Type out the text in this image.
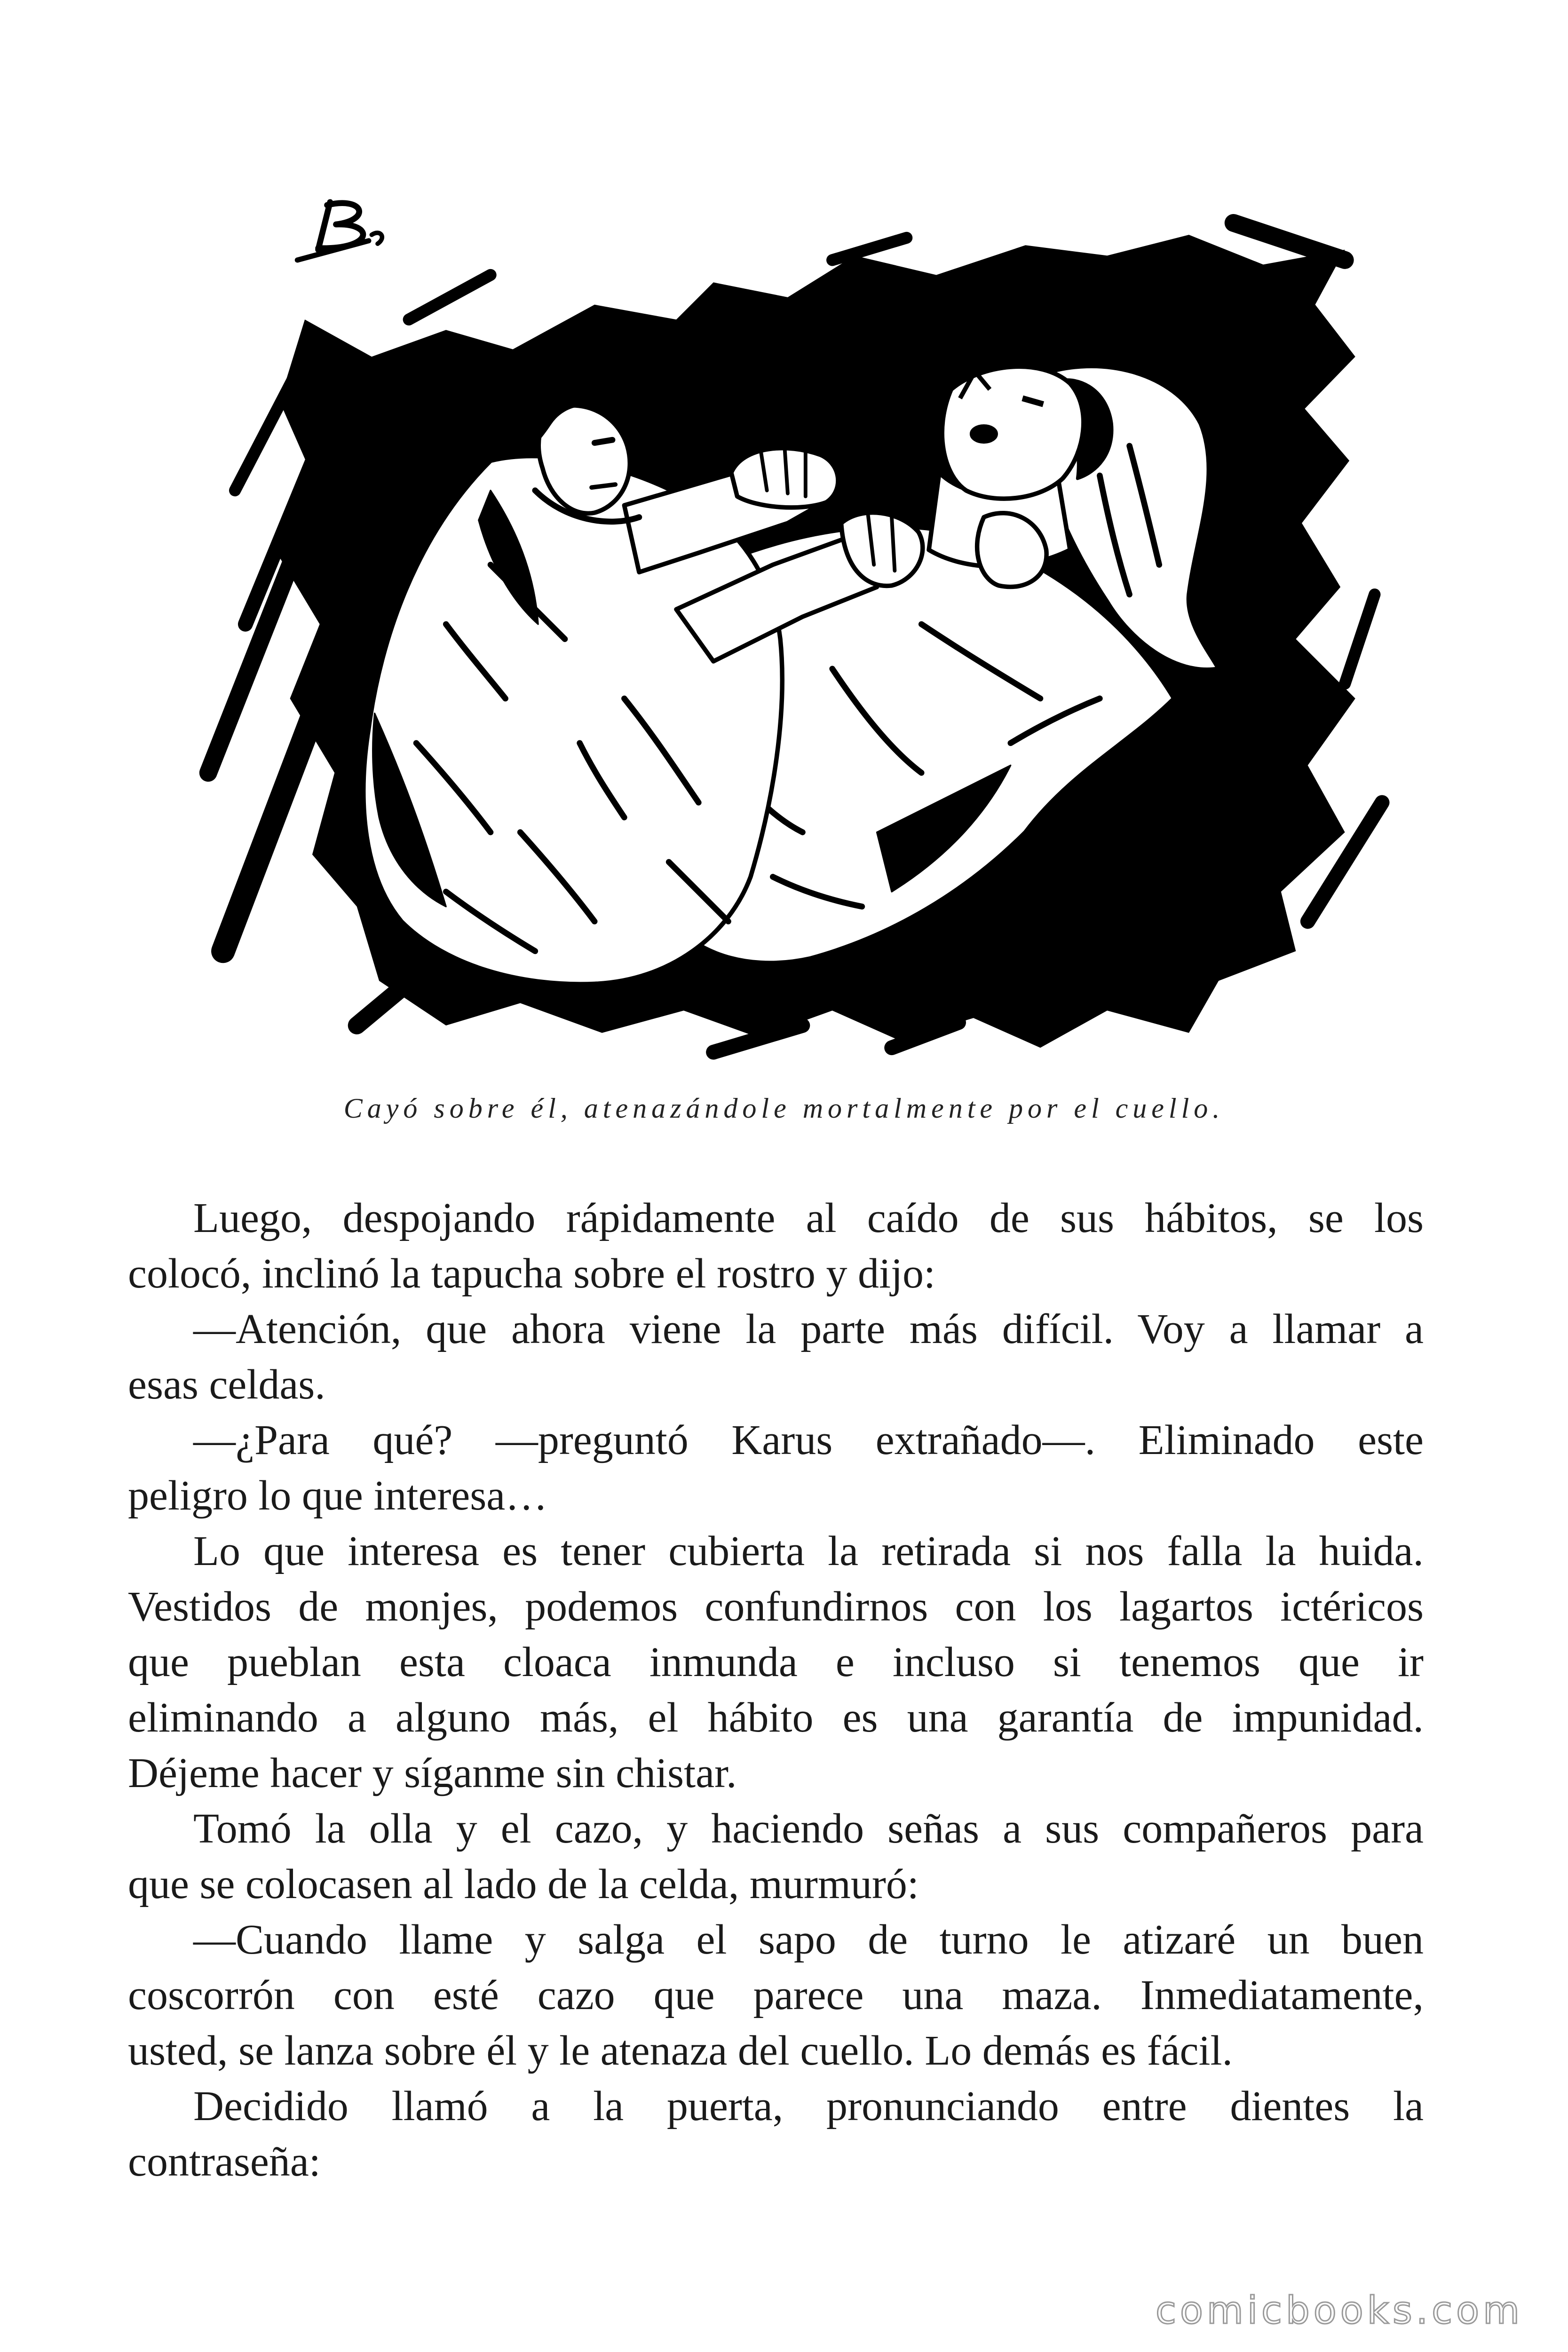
Cayó sobre él, atenazándole mortalmente por el cuello.
Luego, despojando rápidamente al caído de sus hábitos, se los
colocó, inclinó la tapucha sobre el rostro y dijo:
—Atención, que ahora viene la parte más difícil. Voy a llamar a
esas celdas.
—¿Para qué? —preguntó Karus extrañado—. Eliminado este
peligro lo que interesa…
Lo que interesa es tener cubierta la retirada si nos falla la huida.
Vestidos de monjes, podemos confundirnos con los lagartos ictéricos
que pueblan esta cloaca inmunda e incluso si tenemos que ir
eliminando a alguno más, el hábito es una garantía de impunidad.
Déjeme hacer y síganme sin chistar.
Tomó la olla y el cazo, y haciendo señas a sus compañeros para
que se colocasen al lado de la celda, murmuró:
—Cuando llame y salga el sapo de turno le atizaré un buen
coscorrón con esté cazo que parece una maza. Inmediatamente,
usted, se lanza sobre él y le atenaza del cuello. Lo demás es fácil.
Decidido llamó a la puerta, pronunciando entre dientes la
contraseña:
comicbooks.com
